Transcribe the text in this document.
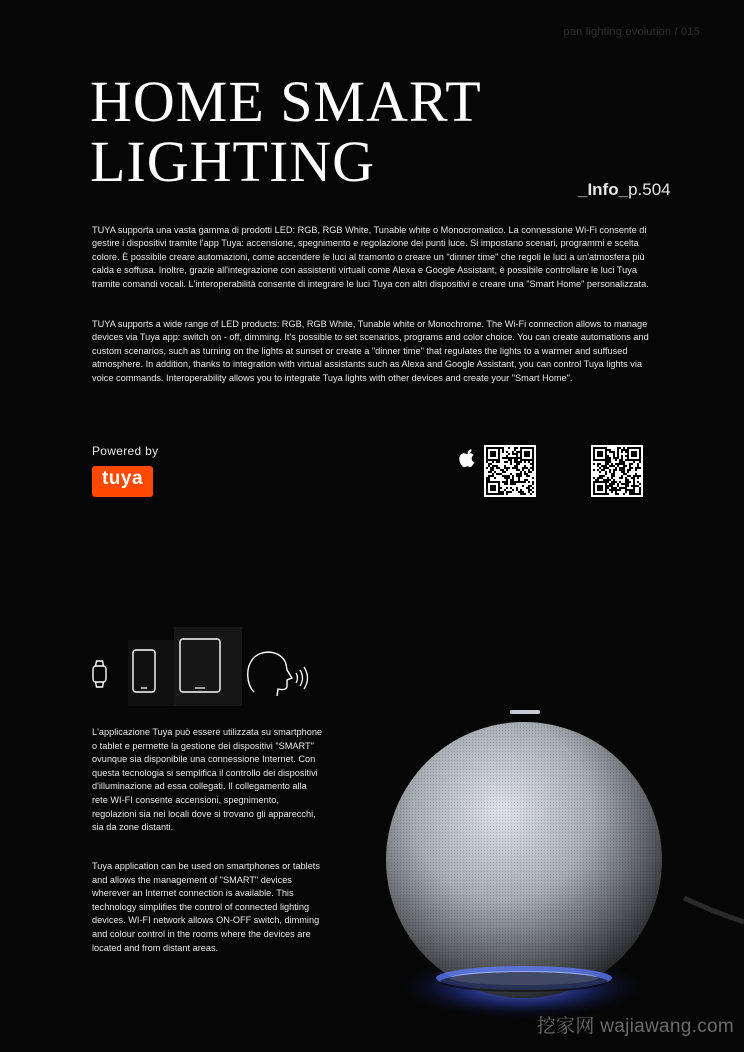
pan lighting evolution / 015
HOME SMART
LIGHTING	_Info_p.504

TUYA supporta una vasta gamma di prodotti LED: RGB, RGB White, Tunable white o Monocromatico. La connessione Wi-Fi consente di gestire i dispositivi tramite l'app Tuya: accensione, spegnimento e regolazione dei punti luce. Si impostano scenari, programmi e scelta colore. È possibile creare automazioni, come accendere le luci al tramonto o creare un "dinner time" che regoli le luci a un'atmosfera più calda e soffusa. Inoltre, grazie all'integrazione con assistenti virtuali come Alexa e Google Assistant, è possibile controllare le luci Tuya tramite comandi vocali. L'interoperabilità consente di integrare le luci Tuya con altri dispositivi e creare una "Smart Home" personalizzata.

TUYA supports a wide range of LED products: RGB, RGB White, Tunable white or Monochrome. The Wi-Fi connection allows to manage devices via Tuya app: switch on - off, dimming. It's possible to set scenarios, programs and color choice. You can create automations and custom scenarios, such as turning on the lights at sunset or create a "dinner time" that regulates the lights to a warmer and suffused atmosphere. In addition, thanks to integration with virtual assistants such as Alexa and Google Assistant, you can control Tuya lights via voice commands. Interoperability allows you to integrate Tuya lights with other devices and create your "Smart Home".

Powered by
tuya

L'applicazione Tuya può essere utilizzata su smartphone o tablet e permette la gestione dei dispositivi "SMART" ovunque sia disponibile una connessione Internet. Con questa tecnologia si semplifica il controllo dei dispositivi d'illuminazione ad essa collegati. Il collegamento alla rete WI-FI consente accensioni, spegnimento, regolazioni sia nei locali dove si trovano gli apparecchi, sia da zone distanti.

Tuya application can be used on smartphones or tablets and allows the management of "SMART" devices wherever an Internet connection is available. This technology simplifies the control of connected lighting devices. WI-FI network allows ON-OFF switch, dimming and colour control in the rooms where the devices are located and from distant areas.

挖家网 wajiawang.com
